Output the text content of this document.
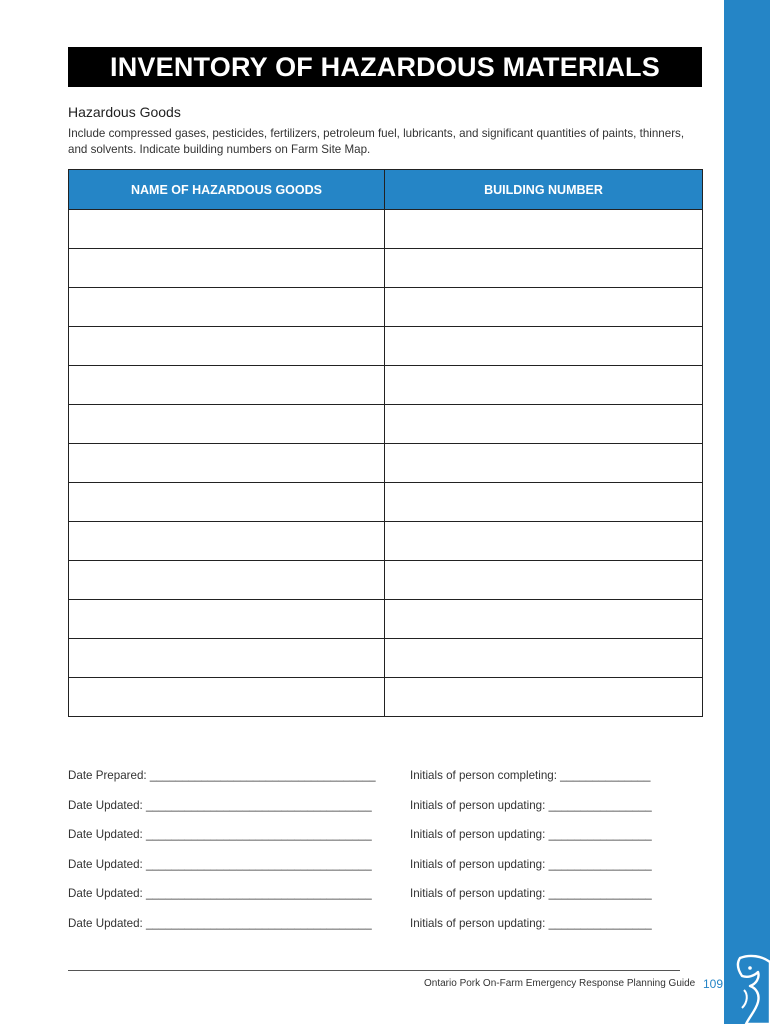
INVENTORY OF HAZARDOUS MATERIALS
Hazardous Goods
Include compressed gases, pesticides, fertilizers, petroleum fuel, lubricants, and significant quantities of paints, thinners, and solvents. Indicate building numbers on Farm Site Map.
NAME OF HAZARDOUS GOODS	BUILDING NUMBER

Date Prepared: ___________________________________	Initials of person completing: ______________
Date Updated: ___________________________________	Initials of person updating: ________________
Date Updated: ___________________________________	Initials of person updating: ________________
Date Updated: ___________________________________	Initials of person updating: ________________
Date Updated: ___________________________________	Initials of person updating: ________________
Date Updated: ___________________________________	Initials of person updating: ________________
Ontario Pork On-Farm Emergency Response Planning Guide 109
